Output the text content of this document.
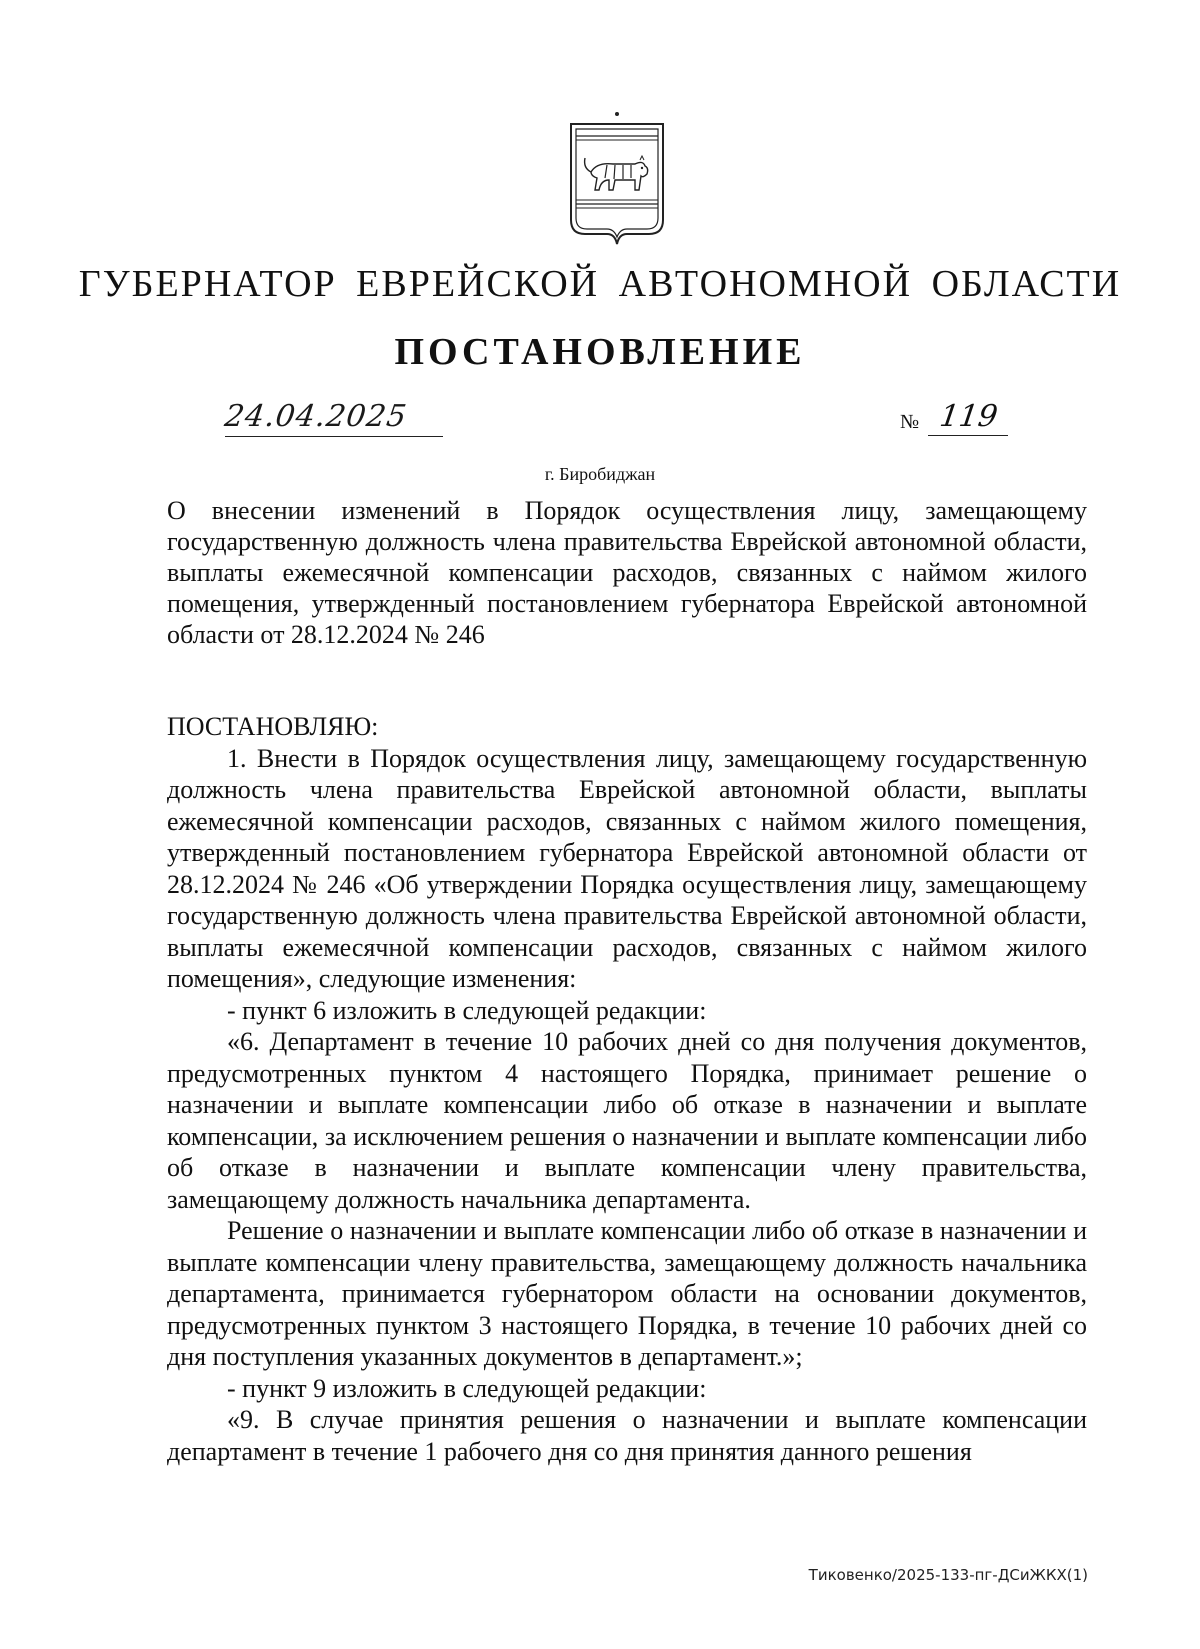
ГУБЕРНАТОР ЕВРЕЙСКОЙ АВТОНОМНОЙ ОБЛАСТИ
ПОСТАНОВЛЕНИЕ
24.04.2025	№ 119
г. Биробиджан
О внесении изменений в Порядок осуществления лицу, замещающему государственную должность члена правительства Еврейской автономной области, выплаты ежемесячной компенсации расходов, связанных с наймом жилого помещения, утвержденный постановлением губернатора Еврейской автономной области от 28.12.2024 № 246

ПОСТАНОВЛЯЮ:

1. Внести в Порядок осуществления лицу, замещающему государственную должность члена правительства Еврейской автономной области, выплаты ежемесячной компенсации расходов, связанных с наймом жилого помещения, утвержденный постановлением губернатора Еврейской автономной области от 28.12.2024 № 246 «Об утверждении Порядка осуществления лицу, замещающему государственную должность члена правительства Еврейской автономной области, выплаты ежемесячной компенсации расходов, связанных с наймом жилого помещения», следующие изменения:

- пункт 6 изложить в следующей редакции:

«6. Департамент в течение 10 рабочих дней со дня получения документов, предусмотренных пунктом 4 настоящего Порядка, принимает решение о назначении и выплате компенсации либо об отказе в назначении и выплате компенсации, за исключением решения о назначении и выплате компенсации либо об отказе в назначении и выплате компенсации члену правительства, замещающему должность начальника департамента.

Решение о назначении и выплате компенсации либо об отказе в назначении и выплате компенсации члену правительства, замещающему должность начальника департамента, принимается губернатором области на основании документов, предусмотренных пунктом 3 настоящего Порядка, в течение 10 рабочих дней со дня поступления указанных документов в департамент.»;

- пункт 9 изложить в следующей редакции:

«9. В случае принятия решения о назначении и выплате компенсации департамент в течение 1 рабочего дня со дня принятия данного решения

Тиковенко/2025-133-пг-ДСиЖКХ(1)
